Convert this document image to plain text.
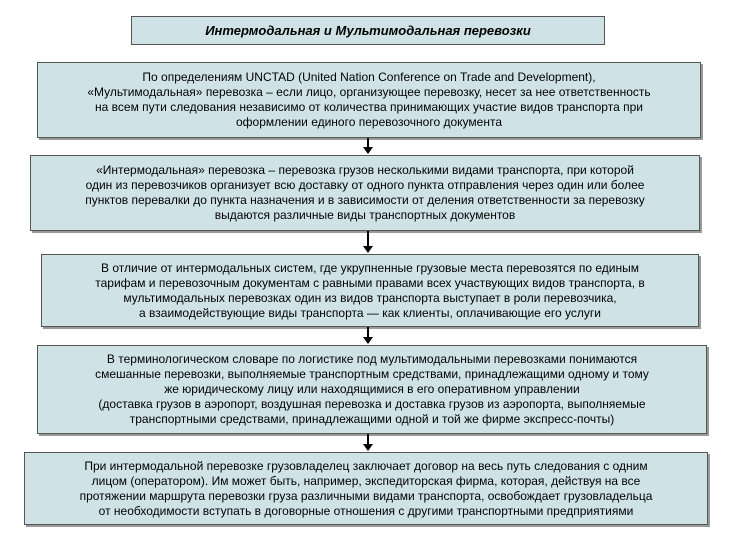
Интермодальная и Мультимодальная перевозки
По определениям UNCTAD (United Nation Conference on Trade and Development),
«Мультимодальная» перевозка – если лицо, организующее перевозку, несет за нее ответственность
на всем пути следования независимо от количества принимающих участие видов транспорта при
оформлении единого перевозочного документа
«Интермодальная» перевозка – перевозка грузов несколькими видами транспорта, при которой
один из перевозчиков организует всю доставку от одного пункта отправления через один или более
пунктов перевалки до пункта назначения и в зависимости от деления ответственности за перевозку
выдаются различные виды транспортных документов
В отличие от интермодальных систем, где укрупненные грузовые места перевозятся по единым
тарифам и перевозочным документам с равными правами всех участвующих видов транспорта, в
мультимодальных перевозках один из видов транспорта выступает в роли перевозчика,
а взаимодействующие виды транспорта — как клиенты, оплачивающие его услуги
В терминологическом словаре по логистике под мультимодальными перевозками понимаются
смешанные перевозки, выполняемые транспортным средствами, принадлежащими одному и тому
же юридическому лицу или находящимися в его оперативном управлении
(доставка грузов в аэропорт, воздушная перевозка и доставка грузов из аэропорта, выполняемые
транспортными средствами, принадлежащими одной и той же фирме экспресс-почты)
При интермодальной перевозке грузовладелец заключает договор на весь путь следования с одним
лицом (оператором). Им может быть, например, экспедиторская фирма, которая, действуя на все
протяжении маршрута перевозки груза различными видами транспорта, освобождает грузовладельца
от необходимости вступать в договорные отношения с другими транспортными предприятиями
